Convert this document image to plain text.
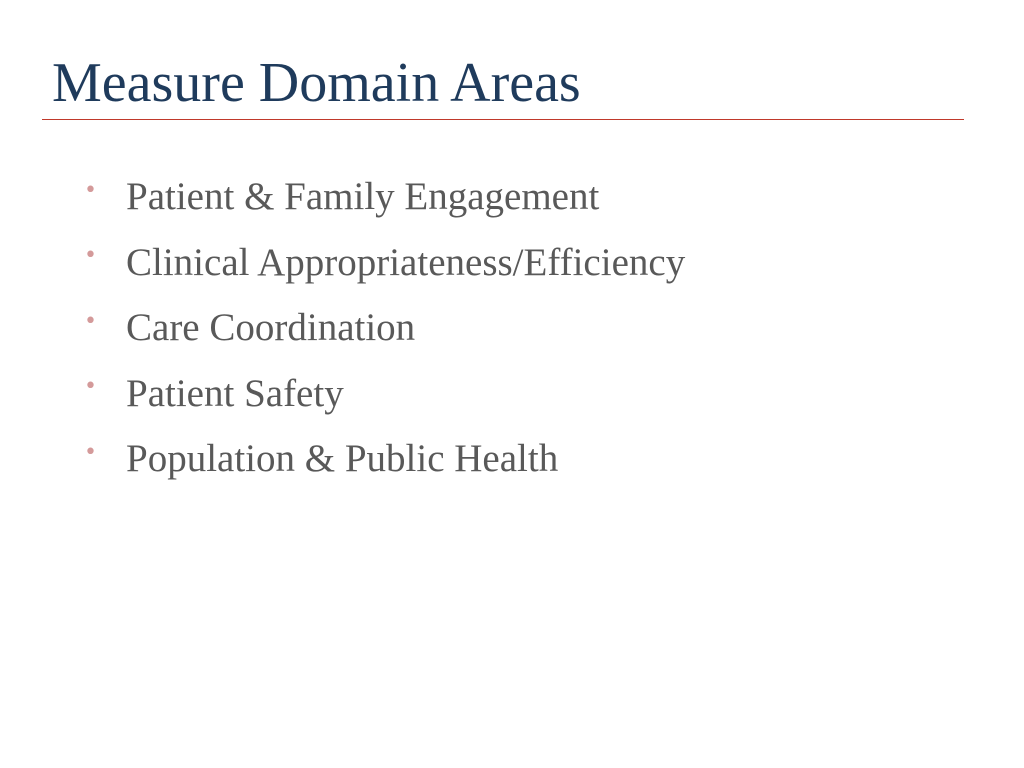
Measure Domain Areas
• Patient & Family Engagement
• Clinical Appropriateness/Efficiency
• Care Coordination
• Patient Safety
• Population & Public Health
